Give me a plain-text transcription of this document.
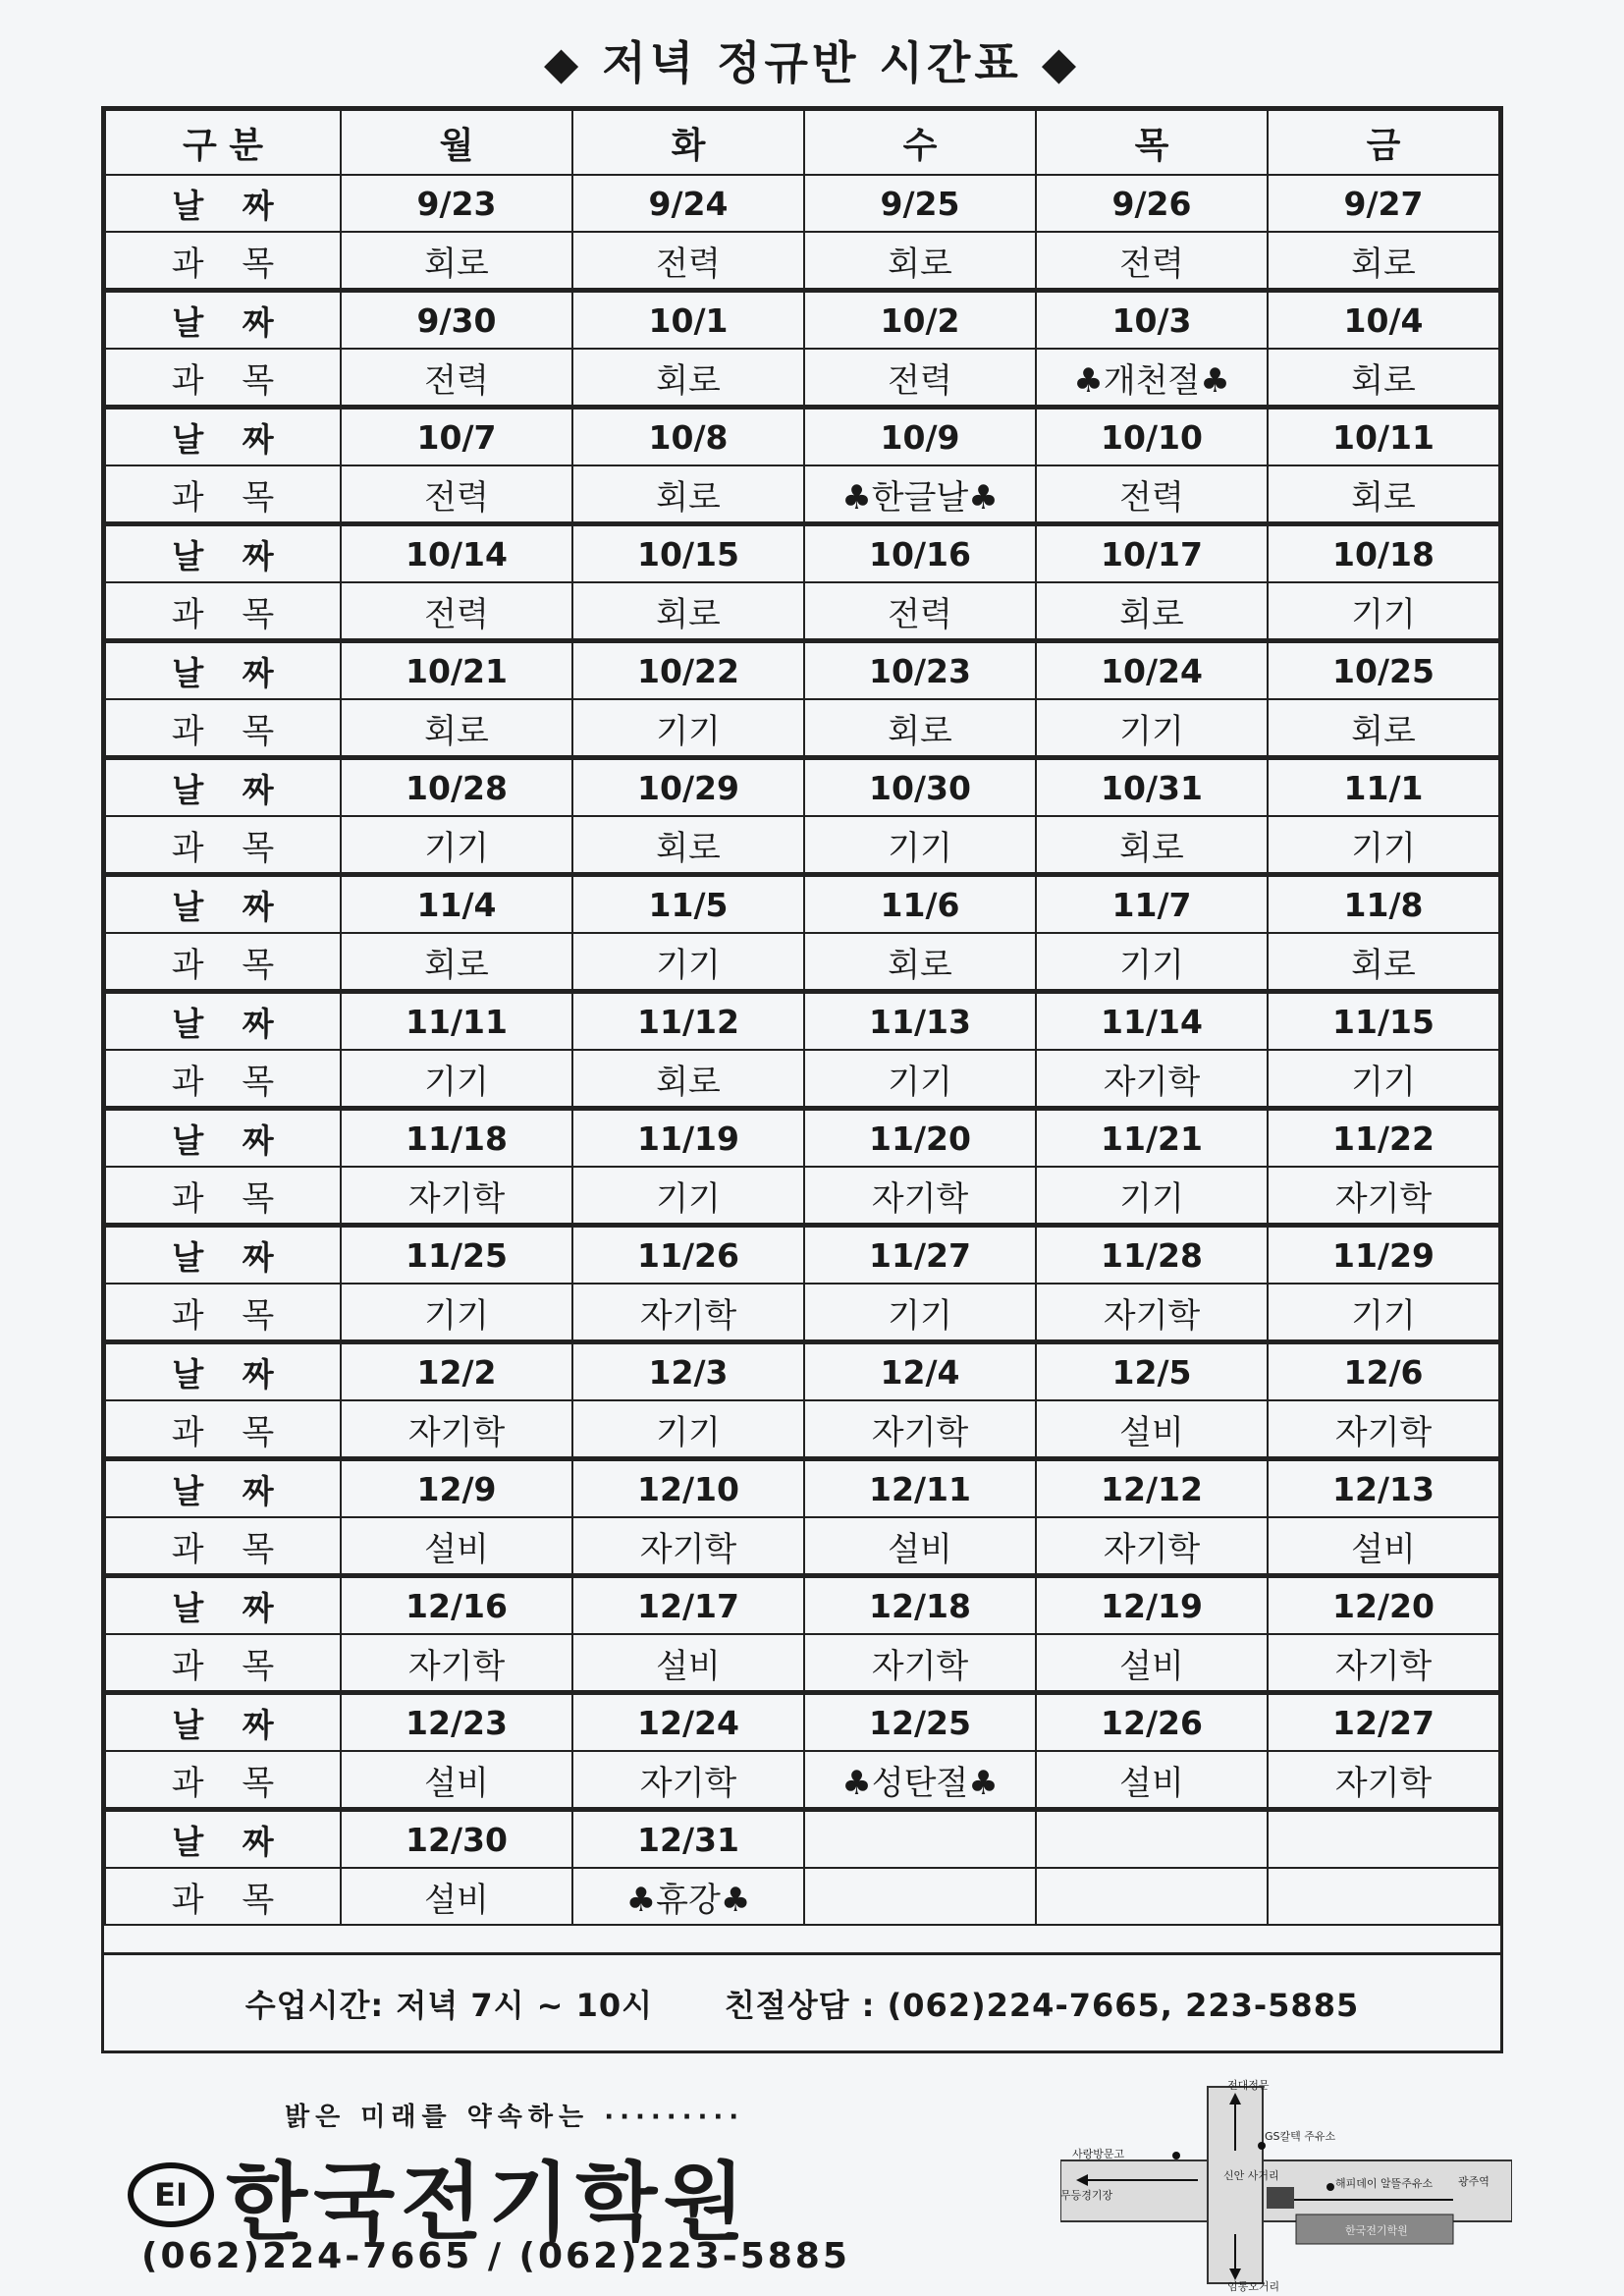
◆ 저녁 정규반 시간표 ◆
구 분	월	화	수	목	금
날 짜	9/23	9/24	9/25	9/26	9/27
과 목	회로	전력	회로	전력	회로
날 짜	9/30	10/1	10/2	10/3	10/4
과 목	전력	회로	전력	♣개천절♣	회로
날 짜	10/7	10/8	10/9	10/10	10/11
과 목	전력	회로	♣한글날♣	전력	회로
날 짜	10/14	10/15	10/16	10/17	10/18
과 목	전력	회로	전력	회로	기기
날 짜	10/21	10/22	10/23	10/24	10/25
과 목	회로	기기	회로	기기	회로
날 짜	10/28	10/29	10/30	10/31	11/1
과 목	기기	회로	기기	회로	기기
날 짜	11/4	11/5	11/6	11/7	11/8
과 목	회로	기기	회로	기기	회로
날 짜	11/11	11/12	11/13	11/14	11/15
과 목	기기	회로	기기	자기학	기기
날 짜	11/18	11/19	11/20	11/21	11/22
과 목	자기학	기기	자기학	기기	자기학
날 짜	11/25	11/26	11/27	11/28	11/29
과 목	기기	자기학	기기	자기학	기기
날 짜	12/2	12/3	12/4	12/5	12/6
과 목	자기학	기기	자기학	설비	자기학
날 짜	12/9	12/10	12/11	12/12	12/13
과 목	설비	자기학	설비	자기학	설비
날 짜	12/16	12/17	12/18	12/19	12/20
과 목	자기학	설비	자기학	설비	자기학
날 짜	12/23	12/24	12/25	12/26	12/27
과 목	설비	자기학	♣성탄절♣	설비	자기학
날 짜	12/30	12/31			
과 목	설비	♣휴강♣			
수업시간: 저녁 7시 ~ 10시
친절상담 : (062)224-7665, 223-5885
밝은 미래를 약속하는 ·········
EI 한국전기학원
(062)224-7665 / (062)223-5885
전대정문
사랑방문고
GS칼텍 주유소
신안 사거리
해피데이 알뜰주유소 광주역
무등경기장
임동오거리
한국전기학원
